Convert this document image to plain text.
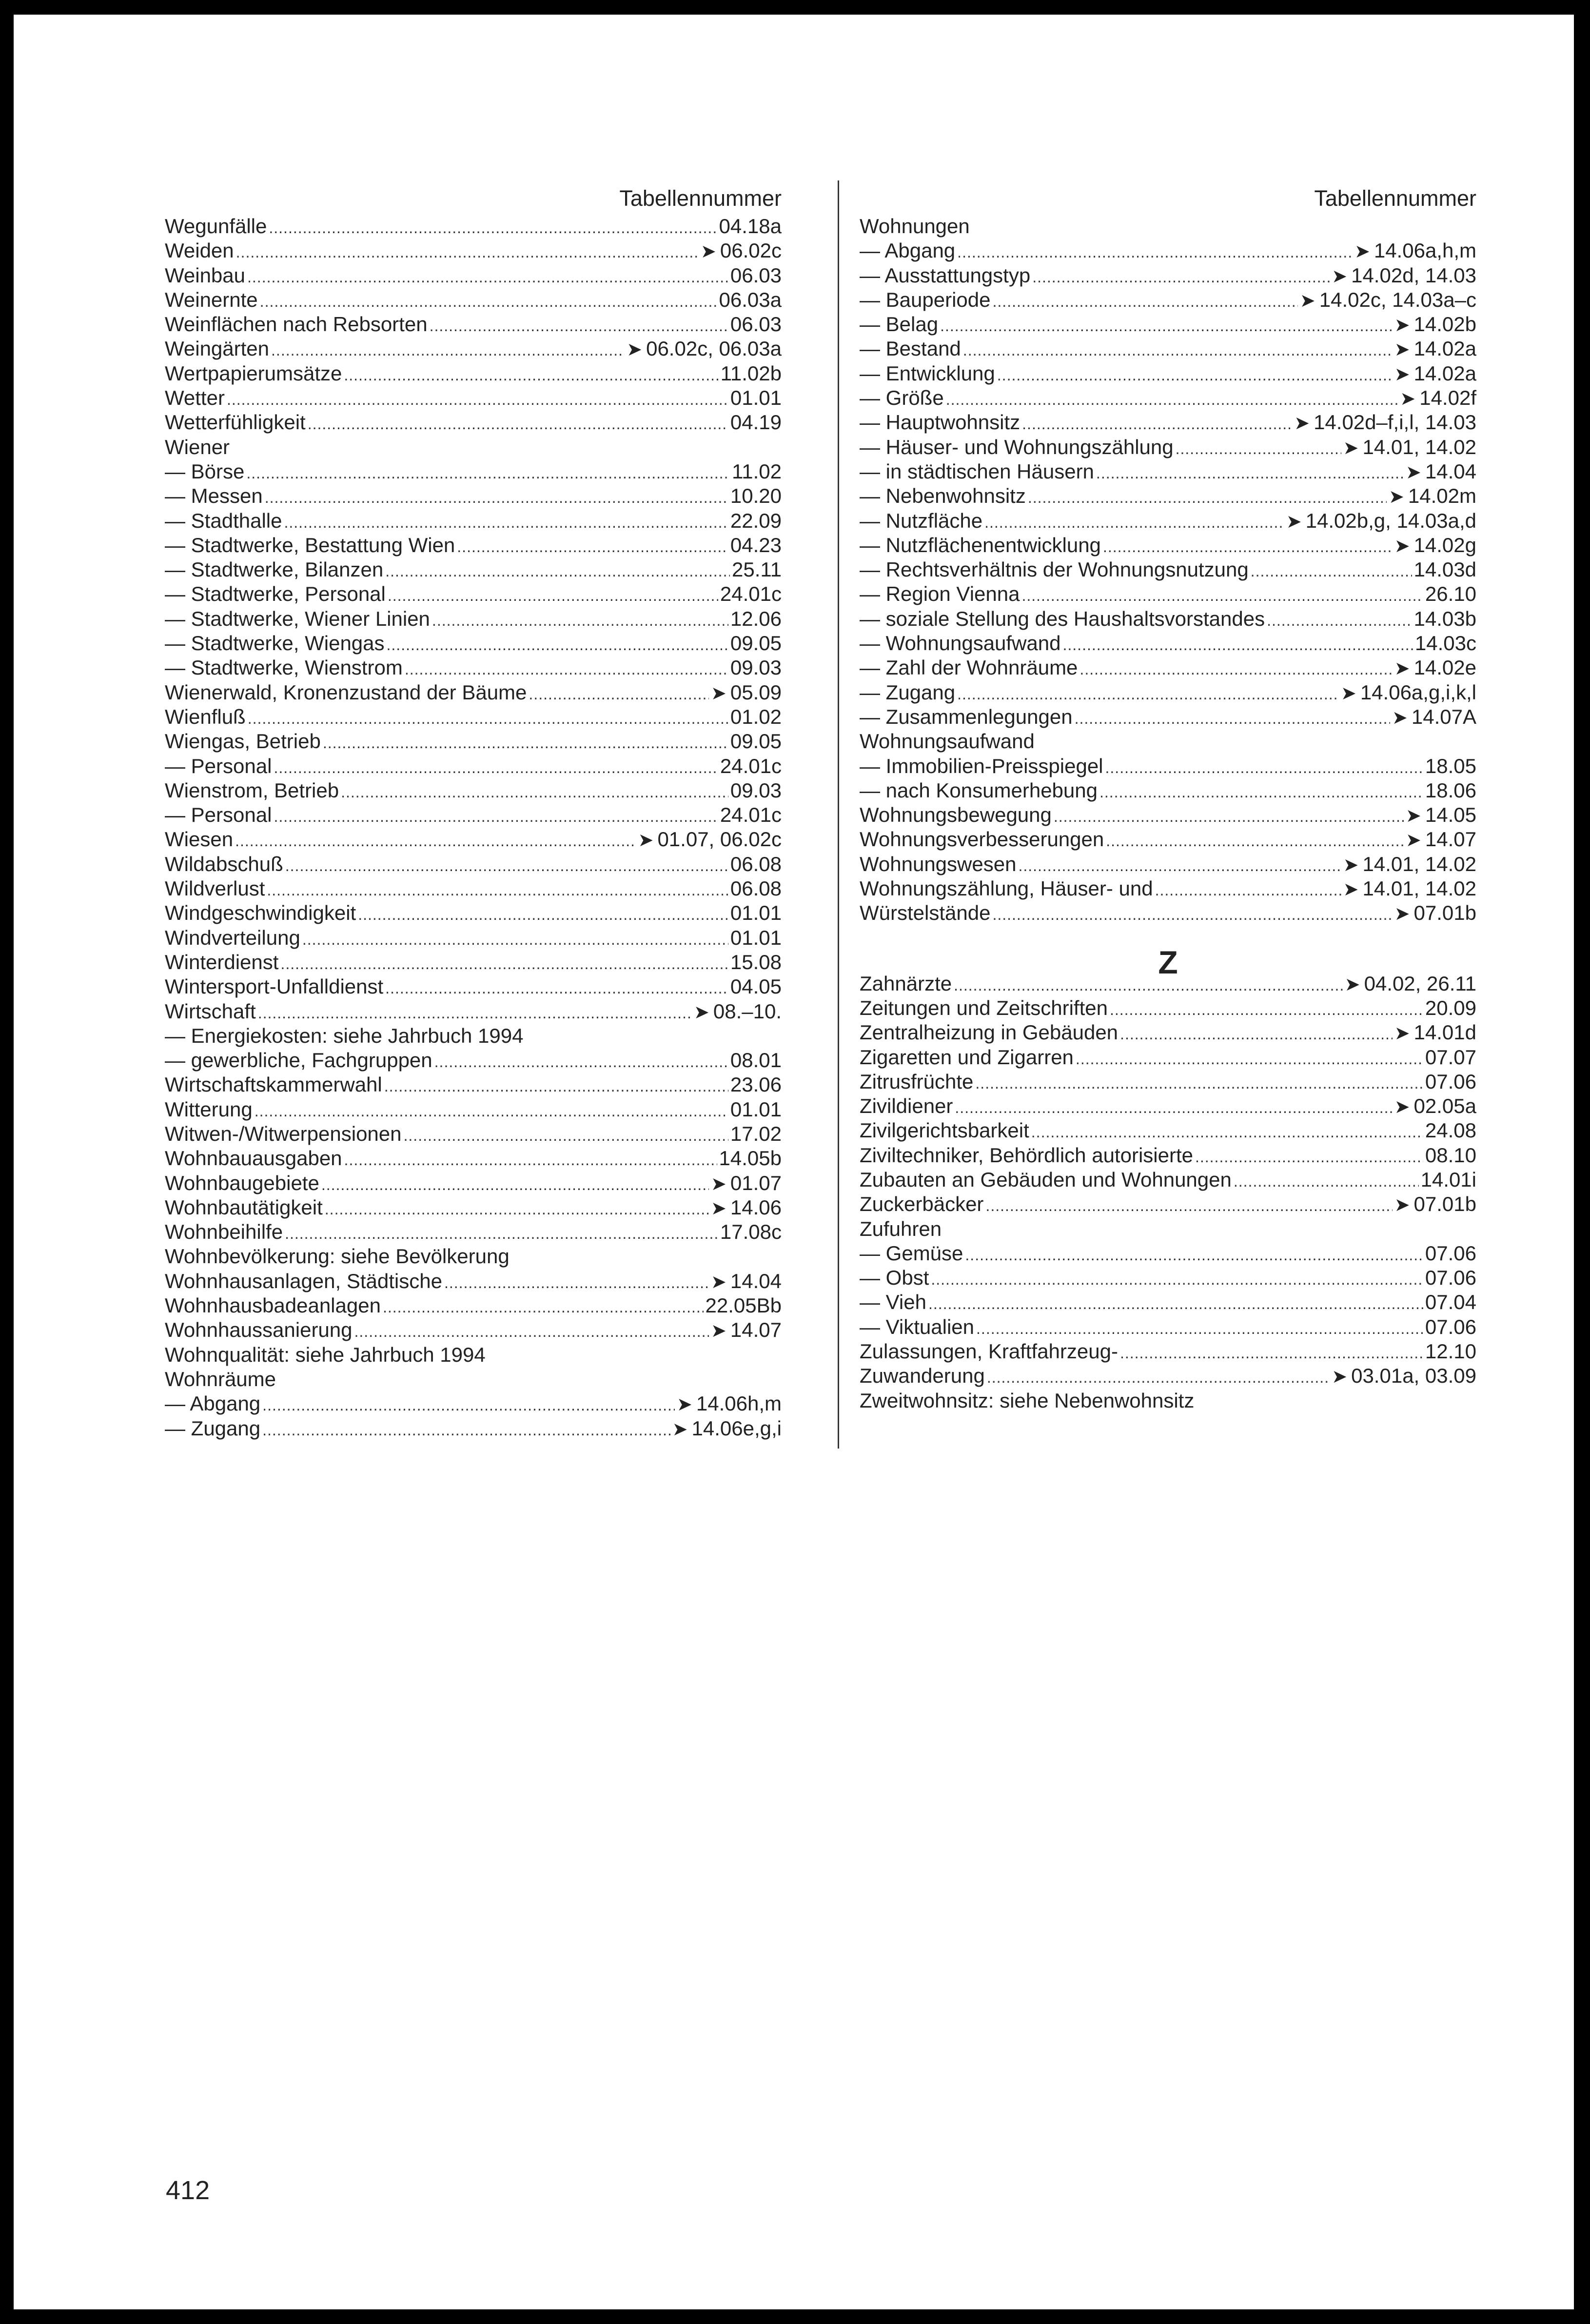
Tabellennummer
Wegunfälle .....	04.18a
Weiden .....	➤ 06.02c
Weinbau .....	06.03
Weinernte .....	06.03a
Weinflächen nach Rebsorten .....	06.03
Weingärten .....	➤ 06.02c, 06.03a
Wertpapierumsätze .....	11.02b
Wetter .....	01.01
Wetterfühligkeit .....	04.19
Wiener
— Börse .....	11.02
— Messen .....	10.20
— Stadthalle .....	22.09
— Stadtwerke, Bestattung Wien .....	04.23
— Stadtwerke, Bilanzen .....	25.11
— Stadtwerke, Personal .....	24.01c
— Stadtwerke, Wiener Linien .....	12.06
— Stadtwerke, Wiengas .....	09.05
— Stadtwerke, Wienstrom .....	09.03
Wienerwald, Kronenzustand der Bäume .....	➤ 05.09
Wienfluß .....	01.02
Wiengas, Betrieb .....	09.05
— Personal .....	24.01c
Wienstrom, Betrieb .....	09.03
— Personal .....	24.01c
Wiesen .....	➤ 01.07, 06.02c
Wildabschuß .....	06.08
Wildverlust .....	06.08
Windgeschwindigkeit .....	01.01
Windverteilung .....	01.01
Winterdienst .....	15.08
Wintersport-Unfalldienst .....	04.05
Wirtschaft .....	➤ 08.–10.
— Energiekosten: siehe Jahrbuch 1994
— gewerbliche, Fachgruppen .....	08.01
Wirtschaftskammerwahl .....	23.06
Witterung .....	01.01
Witwen-/Witwerpensionen .....	17.02
Wohnbauausgaben .....	14.05b
Wohnbaugebiete .....	➤ 01.07
Wohnbautätigkeit .....	➤ 14.06
Wohnbeihilfe .....	17.08c
Wohnbevölkerung: siehe Bevölkerung
Wohnhausanlagen, Städtische .....	➤ 14.04
Wohnhausbadeanlagen .....	22.05Bb
Wohnhaussanierung .....	➤ 14.07
Wohnqualität: siehe Jahrbuch 1994
Wohnräume
— Abgang .....	➤ 14.06h,m
— Zugang .....	➤ 14.06e,g,i
Tabellennummer
Wohnungen
— Abgang .....	➤ 14.06a,h,m
— Ausstattungstyp .....	➤ 14.02d, 14.03
— Bauperiode .....	➤ 14.02c, 14.03a–c
— Belag .....	➤ 14.02b
— Bestand .....	➤ 14.02a
— Entwicklung .....	➤ 14.02a
— Größe .....	➤ 14.02f
— Hauptwohnsitz .....	➤ 14.02d–f,i,l, 14.03
— Häuser- und Wohnungszählung .....	➤ 14.01, 14.02
— in städtischen Häusern .....	➤ 14.04
— Nebenwohnsitz .....	➤ 14.02m
— Nutzfläche .....	➤ 14.02b,g, 14.03a,d
— Nutzflächenentwicklung .....	➤ 14.02g
— Rechtsverhältnis der Wohnungsnutzung .....	14.03d
— Region Vienna .....	26.10
— soziale Stellung des Haushaltsvorstandes .....	14.03b
— Wohnungsaufwand .....	14.03c
— Zahl der Wohnräume .....	➤ 14.02e
— Zugang .....	➤ 14.06a,g,i,k,l
— Zusammenlegungen .....	➤ 14.07A
Wohnungsaufwand
— Immobilien-Preisspiegel .....	18.05
— nach Konsumerhebung .....	18.06
Wohnungsbewegung .....	➤ 14.05
Wohnungsverbesserungen .....	➤ 14.07
Wohnungswesen .....	➤ 14.01, 14.02
Wohnungszählung, Häuser- und .....	➤ 14.01, 14.02
Würstelstände .....	➤ 07.01b
Z
Zahnärzte .....	➤ 04.02, 26.11
Zeitungen und Zeitschriften .....	20.09
Zentralheizung in Gebäuden .....	➤ 14.01d
Zigaretten und Zigarren .....	07.07
Zitrusfrüchte .....	07.06
Zivildiener .....	➤ 02.05a
Zivilgerichtsbarkeit .....	24.08
Ziviltechniker, Behördlich autorisierte .....	08.10
Zubauten an Gebäuden und Wohnungen .....	14.01i
Zuckerbäcker .....	➤ 07.01b
Zufuhren
— Gemüse .....	07.06
— Obst .....	07.06
— Vieh .....	07.04
— Viktualien .....	07.06
Zulassungen, Kraftfahrzeug- .....	12.10
Zuwanderung .....	➤ 03.01a, 03.09
Zweitwohnsitz: siehe Nebenwohnsitz
412
